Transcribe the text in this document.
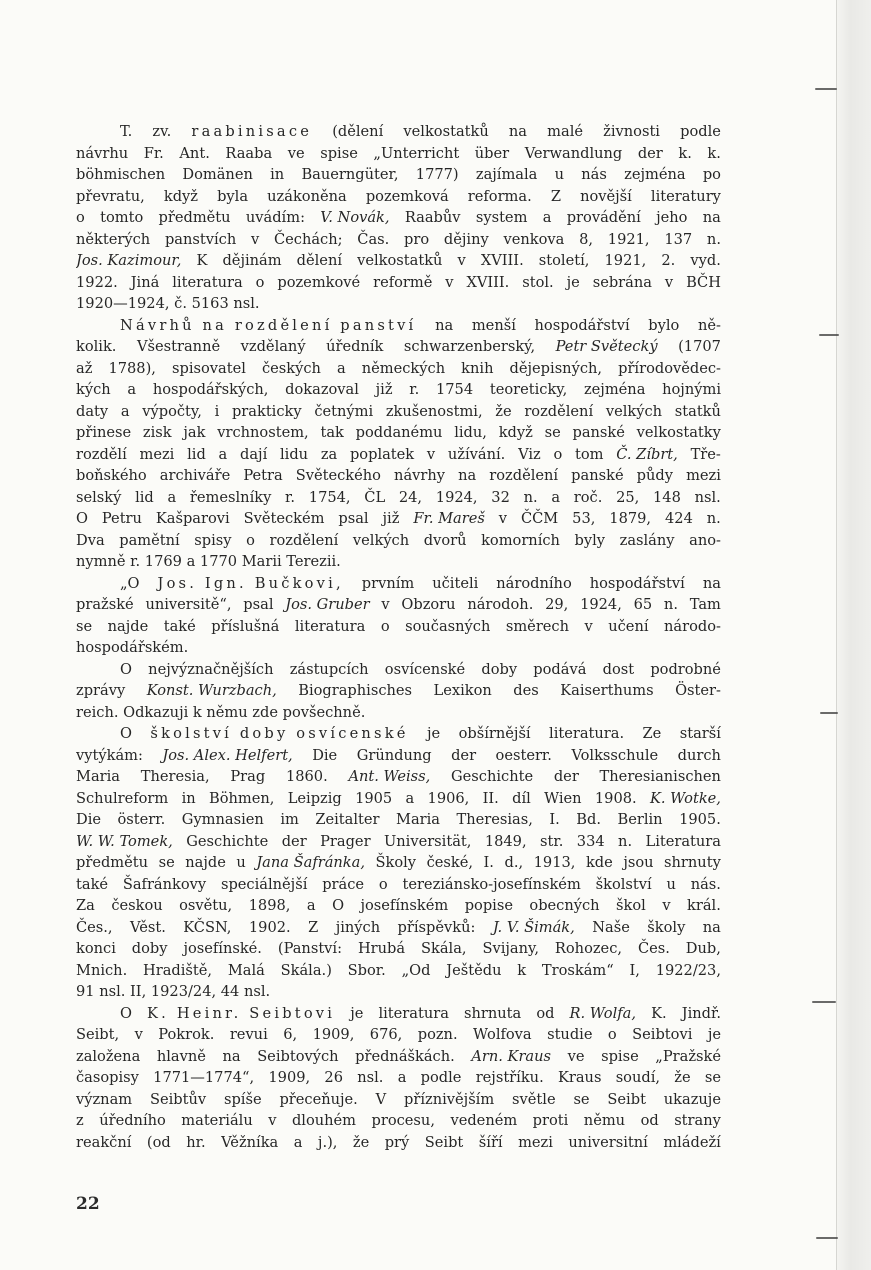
T. zv. raabinisace (dělení velkostatků na malé živnosti podle
návrhu Fr. Ant. Raaba ve spise „Unterricht über Verwandlung der k. k.
böhmischen Domänen in Bauerngüter, 1777) zajímala u nás zejména po
převratu, když byla uzákoněna pozemková reforma. Z novější literatury
o tomto předmětu uvádím: V. Novák, Raabův system a provádění jeho na
některých panstvích v Čechách; Čas. pro dějiny venkova 8, 1921, 137 n.
Jos. Kazimour, K dějinám dělení velkostatků v XVIII. století, 1921, 2. vyd.
1922. Jiná literatura o pozemkové reformě v XVIII. stol. je sebrána v BČH
1920—1924, č. 5163 nsl.
Návrhů na rozdělení panství na menší hospodářství bylo ně-
kolik. Všestranně vzdělaný úředník schwarzenberský, Petr Světecký (1707
až 1788), spisovatel českých a německých knih dějepisných, přírodovědec-
kých a hospodářských, dokazoval již r. 1754 teoreticky, zejména hojnými
daty a výpočty, i prakticky četnými zkušenostmi, že rozdělení velkých statků
přinese zisk jak vrchnostem, tak poddanému lidu, když se panské velkostatky
rozdělí mezi lid a dají lidu za poplatek v užívání. Viz o tom Č. Zíbrt, Tře-
boňského archiváře Petra Světeckého návrhy na rozdělení panské půdy mezi
selský lid a řemeslníky r. 1754, ČL 24, 1924, 32 n. a roč. 25, 148 nsl.
O Petru Kašparovi Světeckém psal již Fr. Mareš v ČČM 53, 1879, 424 n.
Dva pamětní spisy o rozdělení velkých dvorů komorních byly zaslány ano-
nymně r. 1769 a 1770 Marii Terezii.
„O Jos. Ign. Bučkovi, prvním učiteli národního hospodářství na
pražské universitě“, psal Jos. Gruber v Obzoru národoh. 29, 1924, 65 n. Tam
se najde také příslušná literatura o současných směrech v učení národo-
hospodářském.
O nejvýznačnějších zástupcích osvícenské doby podává dost podrobné
zprávy Konst. Wurzbach, Biographisches Lexikon des Kaiserthums Öster-
reich. Odkazuji k němu zde povšechně.
O školství doby osvícenské je obšírnější literatura. Ze starší
vytýkám: Jos. Alex. Helfert, Die Gründung der oesterr. Volksschule durch
Maria Theresia, Prag 1860. Ant. Weiss, Geschichte der Theresianischen
Schulreform in Böhmen, Leipzig 1905 a 1906, II. díl Wien 1908. K. Wotke,
Die österr. Gymnasien im Zeitalter Maria Theresias, I. Bd. Berlin 1905.
W. W. Tomek, Geschichte der Prager Universität, 1849, str. 334 n. Literatura
předmětu se najde u Jana Šafránka, Školy české, I. d., 1913, kde jsou shrnuty
také Šafránkovy speciálnější práce o tereziánsko-josefínském školství u nás.
Za českou osvětu, 1898, a O josefínském popise obecných škol v král.
Čes., Věst. KČSN, 1902. Z jiných příspěvků: J. V. Šimák, Naše školy na
konci doby josefínské. (Panství: Hrubá Skála, Svijany, Rohozec, Čes. Dub,
Mnich. Hradiště, Malá Skála.) Sbor. „Od Ještědu k Troskám“ I, 1922/23,
91 nsl. II, 1923/24, 44 nsl.
O K. Heinr. Seibtovi je literatura shrnuta od R. Wolfa, K. Jindř.
Seibt, v Pokrok. revui 6, 1909, 676, pozn. Wolfova studie o Seibtovi je
založena hlavně na Seibtových přednáškách. Arn. Kraus ve spise „Pražské
časopisy 1771—1774“, 1909, 26 nsl. a podle rejstříku. Kraus soudí, že se
význam Seibtův spíše přeceňuje. V příznivějším světle se Seibt ukazuje
z úředního materiálu v dlouhém procesu, vedeném proti němu od strany
reakční (od hr. Věžníka a j.), že prý Seibt šíří mezi universitní mládeží
22
